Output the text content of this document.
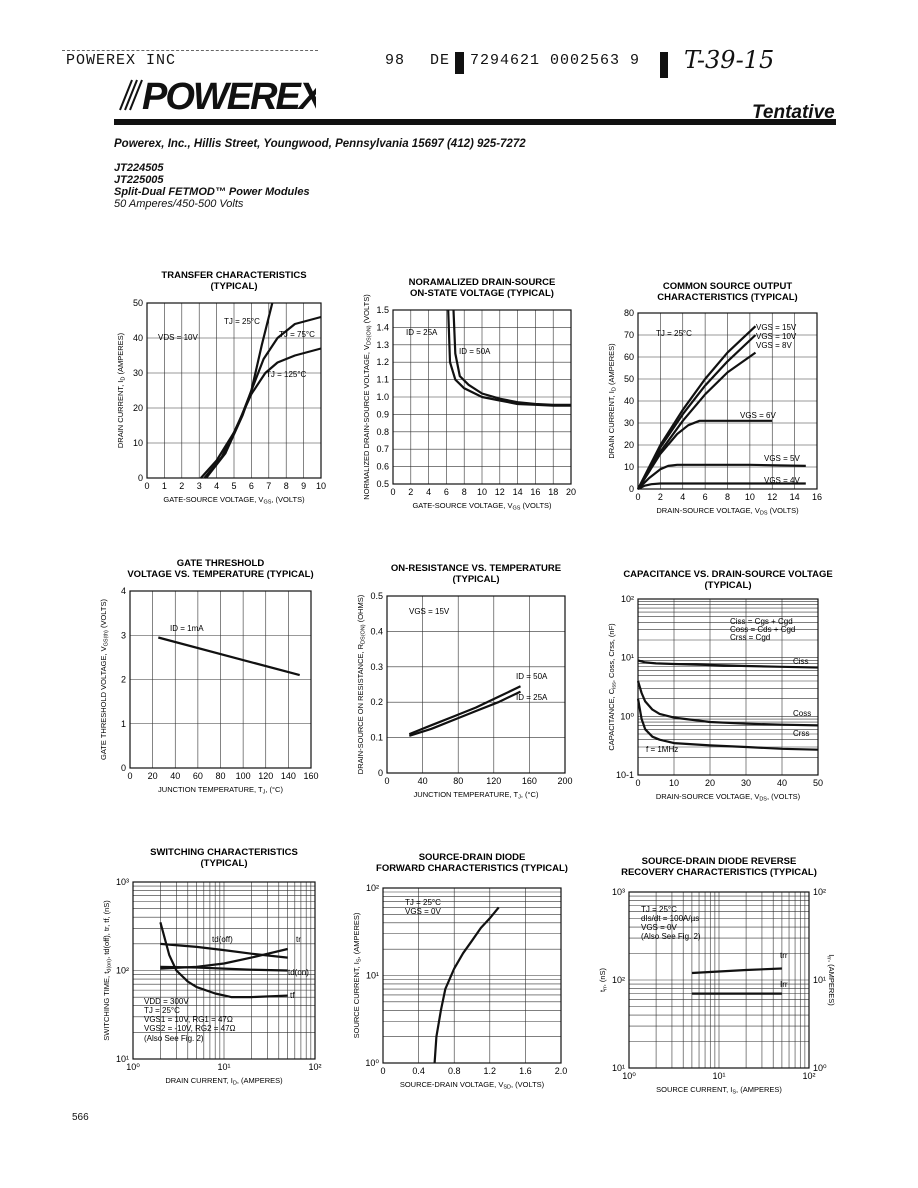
POWEREX INC	98 DE 7294621 0002563 9 T-39-15
POWEREX	Tentative
Powerex, Inc., Hillis Street, Youngwood, Pennsylvania 15697 (412) 925-7272
JT224505
JT225005
Split-Dual FETMOD™ Power Modules
50 Amperes/450-500 Volts
566
TRANSFER CHARACTERISTICS
(TYPICAL)
0 1 2 3 4 5 6 7 8 9 10
0
10
20
30
40
50
GATE-SOURCE VOLTAGE, $V_{GS}$, (VOLTS)
DRAIN CURRENT, $I_D$ (AMPERES)	VDS = 10V
TJ = 25°C
TJ = 75°C
TJ = 125°C
NORAMALIZED DRAIN-SOURCE
ON-STATE VOLTAGE (TYPICAL)
0 2 4 6 8 10 12 14 16 18 20
0.5
0.6
0.7
0.8
0.9
1.0
1.1
1.2
1.3
1.4
1.5
GATE-SOURCE VOLTAGE, $V_{GS}$ (VOLTS)
NORMALIZED DRAIN-SOURCE VOLTAGE, $V_{DS(ON)}$ (VOLTS)
ID = 25A
ID = 50A
COMMON SOURCE OUTPUT
CHARACTERISTICS (TYPICAL)
0 2 4 6 8 10 12 14 16
0
10
20
30
40
50
60
70
80
DRAIN-SOURCE VOLTAGE, $V_{DS}$ (VOLTS)
DRAIN CURRENT, $I_D$ (AMPERES)
TJ = 25°C
VGS = 15V
VGS = 10V
VGS = 8V
VGS = 6V
VGS = 5V
VGS = 4V
GATE THRESHOLD
VOLTAGE VS. TEMPERATURE (TYPICAL)
0 20 40 60 80 100 120 140 160
0
1
2
3
4
JUNCTION TEMPERATURE, $T_J$, (°C)
GATE THRESHOLD VOLTAGE, $V_{GS(th)}$ (VOLTS)	ID = 1mA
ON-RESISTANCE VS. TEMPERATURE
(TYPICAL)
0	40	80	120 160 200
0
0.1
0.2
0.3
0.4
0.5
JUNCTION TEMPERATURE, $T_J$, (°C)
DRAIN-SOURCE ON RESISTANCE, $R_{DS(ON)}$ (OHMS)	VGS = 15V
ID = 50A
ID = 25A
CAPACITANCE VS. DRAIN-SOURCE VOLTAGE
(TYPICAL)
0	10	20	30	40	50
10-1
10⁰
10¹
10²
DRAIN-SOURCE VOLTAGE, $V_{DS}$, (VOLTS)
CAPACITANCE, $C_{iss}$, Coss, Crss, (nF)
Ciss = Cgs + Cgd
Coss = Cds + Cgd
Crss = Cgd
Ciss
Coss
Crss
f = 1MHz
SWITCHING CHARACTERISTICS
(TYPICAL)
10⁰	10¹	10²
10¹
10²
10³
DRAIN CURRENT, $I_D$, (AMPERES)
SWITCHING TIME, $t_{d(on)}$, td(off), tr, tf, (nS)	td(off)	tr
td(on)
tf
VDD = 300V
TJ = 25°C
VGS1 = 10V, RG1 = 47Ω
VGS2 = -10V, RG2 = 47Ω
(Also See Fig. 2)
SOURCE-DRAIN DIODE
FORWARD CHARACTERISTICS (TYPICAL)
0	0.4	0.8	1.2	1.6	2.0
10⁰
10¹
10²
SOURCE-DRAIN VOLTAGE, $V_{SD}$, (VOLTS)
SOURCE CURRENT, $I_S$, (AMPERES)
TJ = 25°C
VGS = 0V
SOURCE-DRAIN DIODE REVERSE
RECOVERY CHARACTERISTICS (TYPICAL)
10⁰	10¹	10²
10¹
10²
10³
10⁰
10¹
10²
SOURCE CURRENT, $I_S$, (AMPERES)
$t_{rr}$, (nS)
$I_{rr}$, (AMPERES)
TJ = 25°C
dIs/dt = 100A/µs
VGS = 0V
(Also See Fig. 2)
trr
Irr
